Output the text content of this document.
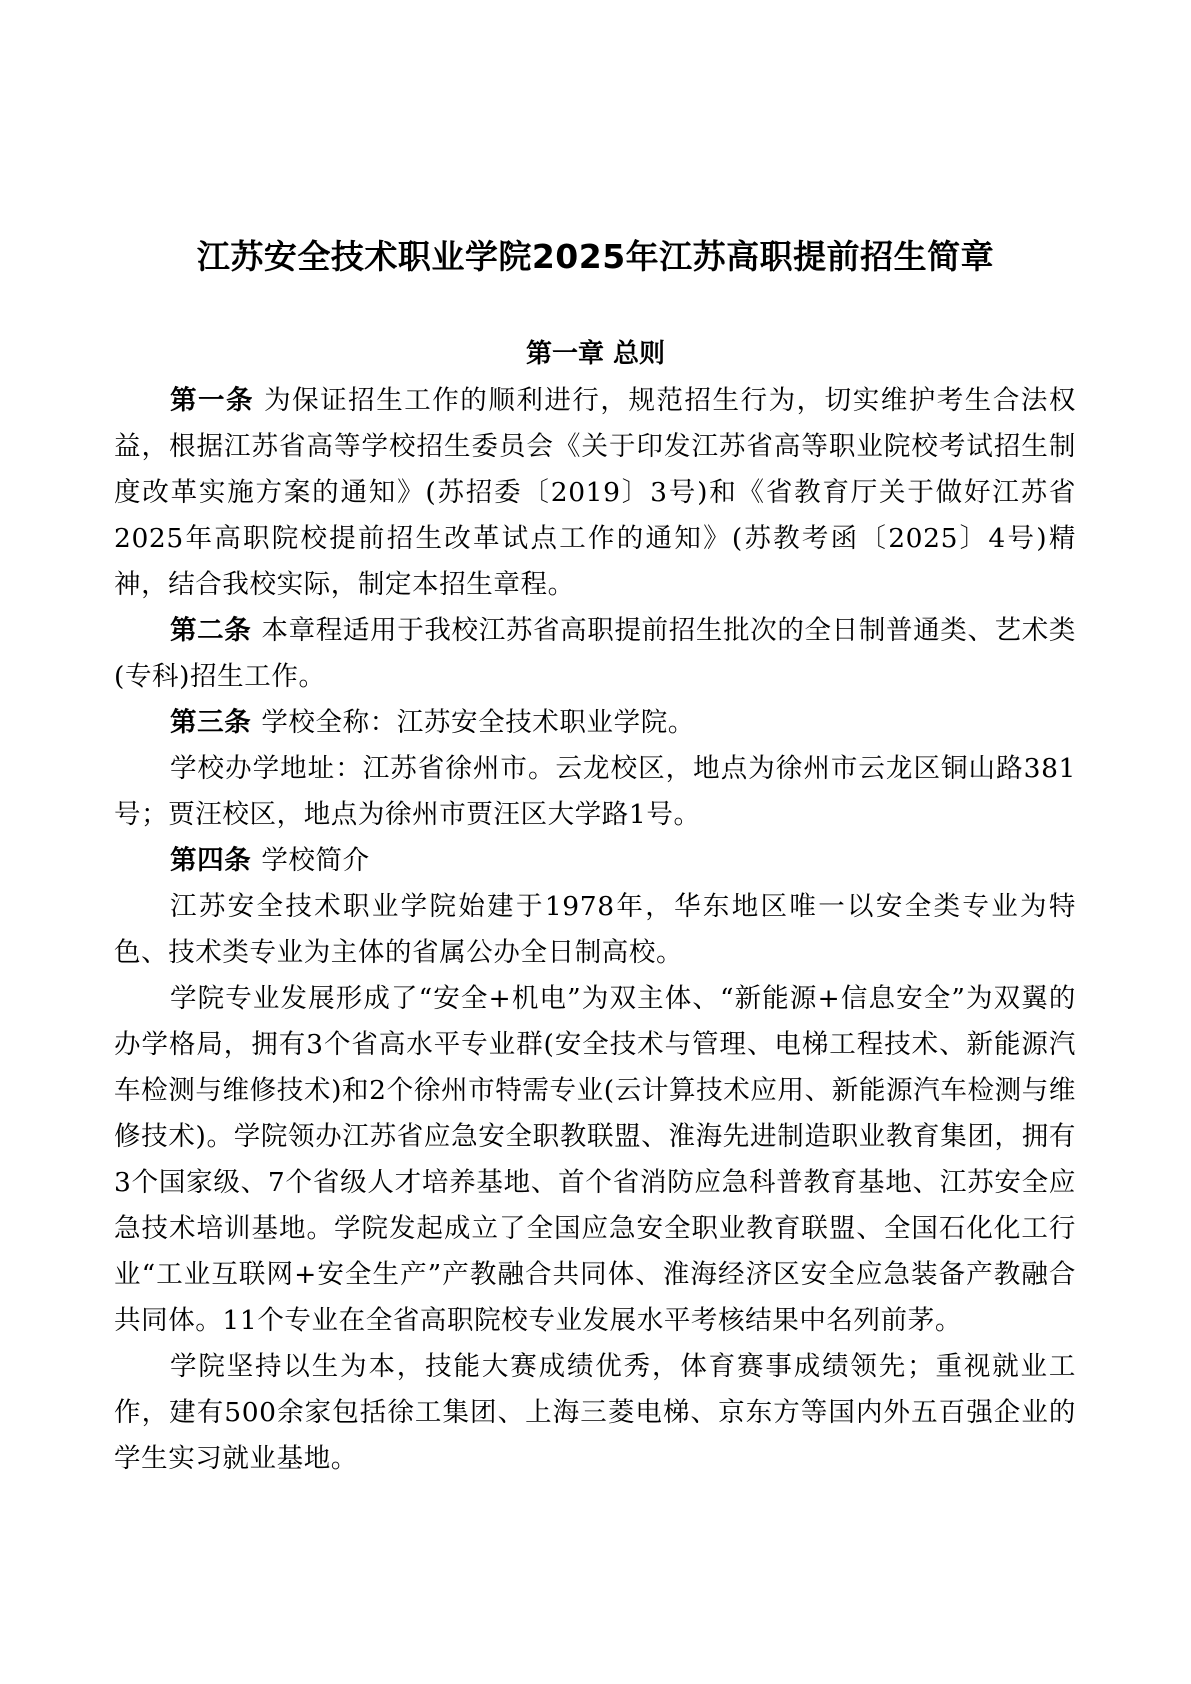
江苏安全技术职业学院2025年江苏高职提前招生简章
第一章 总则

第一条 为保证招生工作的顺利进行，规范招生行为，切实维护考生合法权益，根据江苏省高等学校招生委员会《关于印发江苏省高等职业院校考试招生制度改革实施方案的通知》(苏招委〔2019〕3号)和《省教育厅关于做好江苏省2025年高职院校提前招生改革试点工作的通知》(苏教考函〔2025〕4号)精神，结合我校实际，制定本招生章程。

第二条 本章程适用于我校江苏省高职提前招生批次的全日制普通类、艺术类(专科)招生工作。

第三条 学校全称：江苏安全技术职业学院。

学校办学地址：江苏省徐州市。云龙校区，地点为徐州市云龙区铜山路381号；贾汪校区，地点为徐州市贾汪区大学路1号。

第四条 学校简介

江苏安全技术职业学院始建于1978年，华东地区唯一以安全类专业为特色、技术类专业为主体的省属公办全日制高校。

学院专业发展形成了“安全+机电”为双主体、“新能源+信息安全”为双翼的办学格局，拥有3个省高水平专业群(安全技术与管理、电梯工程技术、新能源汽车检测与维修技术)和2个徐州市特需专业(云计算技术应用、新能源汽车检测与维修技术)。学院领办江苏省应急安全职教联盟、淮海先进制造职业教育集团，拥有3个国家级、7个省级人才培养基地、首个省消防应急科普教育基地、江苏安全应急技术培训基地。学院发起成立了全国应急安全职业教育联盟、全国石化化工行业“工业互联网+安全生产”产教融合共同体、淮海经济区安全应急装备产教融合共同体。11个专业在全省高职院校专业发展水平考核结果中名列前茅。

学院坚持以生为本，技能大赛成绩优秀，体育赛事成绩领先；重视就业工作，建有500余家包括徐工集团、上海三菱电梯、京东方等国内外五百强企业的学生实习就业基地。
